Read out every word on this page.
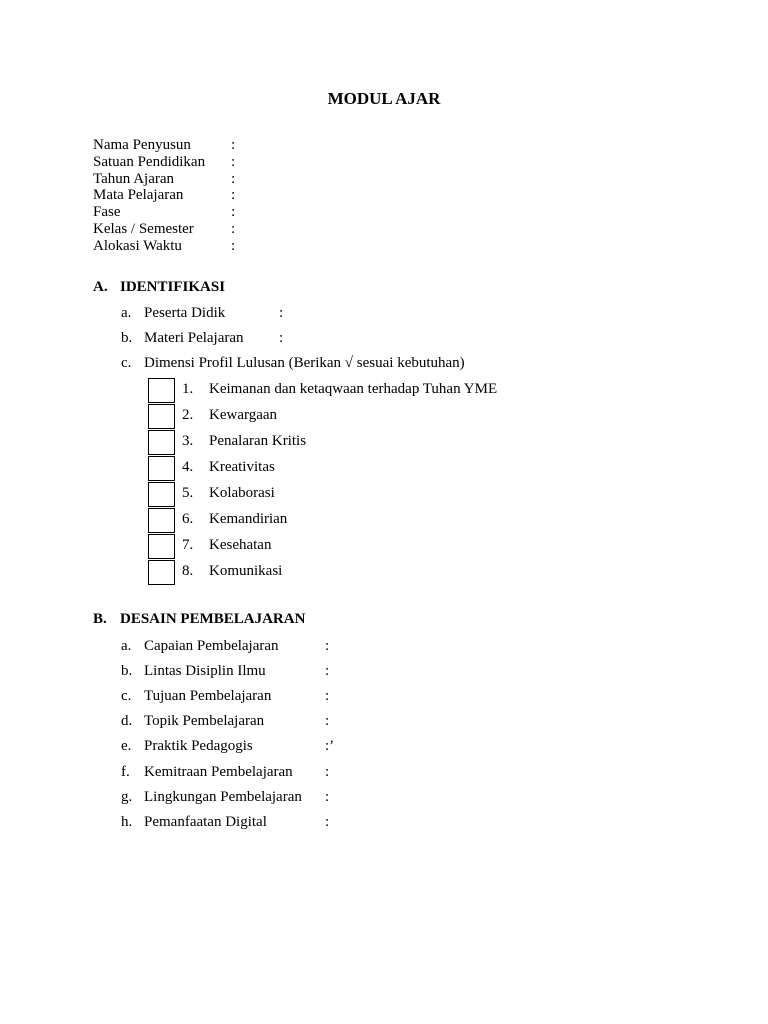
MODUL AJAR
Nama Penyusun	:
Satuan Pendidikan :
Tahun Ajaran	:
Mata Pelajaran	:
Fase	:
Kelas / Semester :
Alokasi Waktu	:
A. IDENTIFIKASI
a. Peserta Didik	:
b. Materi Pelajaran :
c. Dimensi Profil Lulusan (Berikan √ sesuai kebutuhan)
1. Keimanan dan ketaqwaan terhadap Tuhan YME
2. Kewargaan
3. Penalaran Kritis
4. Kreativitas
5. Kolaborasi
6. Kemandirian
7. Kesehatan
8. Komunikasi
B. DESAIN PEMBELAJARAN
a. Capaian Pembelajaran	:
b. Lintas Disiplin Ilmu	:
c. Tujuan Pembelajaran	:
d. Topik Pembelajaran	:
e. Praktik Pedagogis	:’
f. Kemitraan Pembelajaran :
g. Lingkungan Pembelajaran :
h. Pemanfaatan Digital	:
